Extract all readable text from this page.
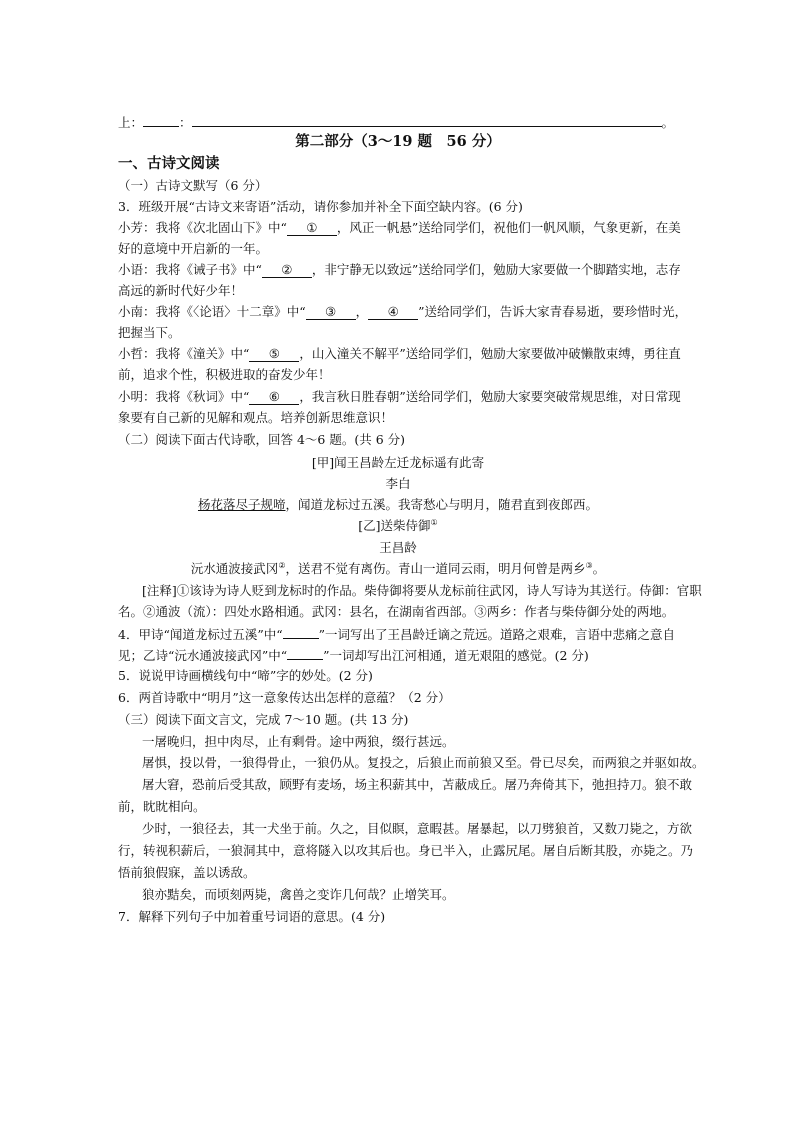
上：	：	。
第二部分（3～19 题　56 分）
一、古诗文阅读
（一）古诗文默写（6 分）
3．班级开展“古诗文来寄语”活动，请你参加并补全下面空缺内容。(6 分)
小芳：我将《次北固山下》中“ ① ，风正一帆悬”送给同学们，祝他们一帆风顺，气象更新，在美
好的意境中开启新的一年。
小语：我将《诫子书》中“ ② ，非宁静无以致远”送给同学们，勉励大家要做一个脚踏实地，志存
高远的新时代好少年！
小南：我将《〈论语〉十二章》中“ ③ ， ④ ”送给同学们，告诉大家青春易逝，要珍惜时光，
把握当下。
小哲：我将《潼关》中“ ⑤ ，山入潼关不解平”送给同学们，勉励大家要做冲破懒散束缚，勇往直
前，追求个性，积极进取的奋发少年！
小明：我将《秋词》中“ ⑥ ，我言秋日胜春朝”送给同学们，勉励大家要突破常规思维，对日常现
象要有自己新的见解和观点。培养创新思维意识！
（二）阅读下面古代诗歌，回答 4～6 题。(共 6 分)
[甲]闻王昌龄左迁龙标遥有此寄
李白
杨花落尽子规啼，闻道龙标过五溪。我寄愁心与明月，随君直到夜郎西。
[乙]送柴侍御①
王昌龄
沅水通波接武冈②，送君不觉有离伤。青山一道同云雨，明月何曾是两乡③。
[注释]①该诗为诗人贬到龙标时的作品。柴侍御将要从龙标前往武冈，诗人写诗为其送行。侍御：官职
名。②通波（流）：四处水路相通。武冈：县名，在湖南省西部。③两乡：作者与柴侍御分处的两地。
4．甲诗“闻道龙标过五溪”中“	”一词写出了王昌龄迁谪之荒远。道路之艰难，言语中悲痛之意自
见；乙诗“沅水通波接武冈”中“	”一词却写出江河相通，道无艰阻的感觉。(2 分)
5．说说甲诗画横线句中“啼”字的妙处。(2 分)
6．两首诗歌中“明月”这一意象传达出怎样的意蕴？（2 分）
（三）阅读下面文言文，完成 7～10 题。(共 13 分)
一屠晚归，担中肉尽，止有剩骨。途中两狼，缀行甚远。
屠惧，投以骨，一狼得骨止，一狼仍从。复投之，后狼止而前狼又至。骨已尽矣，而两狼之并驱如故。
屠大窘，恐前后受其敌，顾野有麦场，场主积薪其中，苫蔽成丘。屠乃奔倚其下，弛担持刀。狼不敢
前，眈眈相向。
少时，一狼径去，其一犬坐于前。久之，目似瞑，意暇甚。屠暴起，以刀劈狼首，又数刀毙之，方欲
行，转视积薪后，一狼洞其中，意将隧入以攻其后也。身已半入，止露尻尾。屠自后断其股，亦毙之。乃
悟前狼假寐，盖以诱敌。
狼亦黠矣，而顷刻两毙，禽兽之变诈几何哉？止增笑耳。
7．解释下列句子中加着重号词语的意思。(4 分)
